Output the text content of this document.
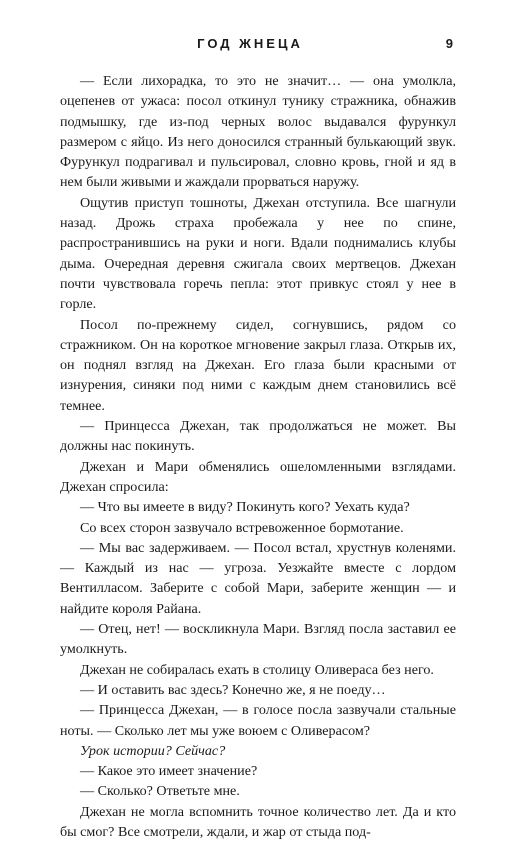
ГОД ЖНЕЦА	9

— Если лихорадка, то это не значит… — она умолкла, оцепенев от ужаса: посол откинул тунику стражника, обнажив подмышку, где из-под черных волос выдавался фурункул размером с яйцо. Из него доносился странный булькающий звук. Фурункул подрагивал и пульсировал, словно кровь, гной и яд в нем были живыми и жаждали прорваться наружу.

Ощутив приступ тошноты, Джехан отступила. Все шагнули назад. Дрожь страха пробежала у нее по спине, распространившись на руки и ноги. Вдали поднимались клубы дыма. Очередная деревня сжигала своих мертвецов. Джехан почти чувствовала горечь пепла: этот привкус стоял у нее в горле.

Посол по-прежнему сидел, согнувшись, рядом со стражником. Он на короткое мгновение закрыл глаза. Открыв их, он поднял взгляд на Джехан. Его глаза были красными от изнурения, синяки под ними с каждым днем становились всё темнее.

— Принцесса Джехан, так продолжаться не может. Вы должны нас покинуть.

Джехан и Мари обменялись ошеломленными взглядами. Джехан спросила:

— Что вы имеете в виду? Покинуть кого? Уехать куда?

Со всех сторон зазвучало встревоженное бормотание.

— Мы вас задерживаем. — Посол встал, хрустнув коленями. — Каждый из нас — угроза. Уезжайте вместе с лордом Вентилласом. Заберите с собой Мари, заберите женщин — и найдите короля Райана.

— Отец, нет! — воскликнула Мари. Взгляд посла заставил ее умолкнуть.

Джехан не собиралась ехать в столицу Оливераса без него.

— И оставить вас здесь? Конечно же, я не поеду…

— Принцесса Джехан, — в голосе посла зазвучали стальные ноты. — Сколько лет мы уже воюем с Оливерасом?

Урок истории? Сейчас?

— Какое это имеет значение?

— Сколько? Ответьте мне.

Джехан не могла вспомнить точное количество лет. Да и кто бы смог? Все смотрели, ждали, и жар от стыда под-
